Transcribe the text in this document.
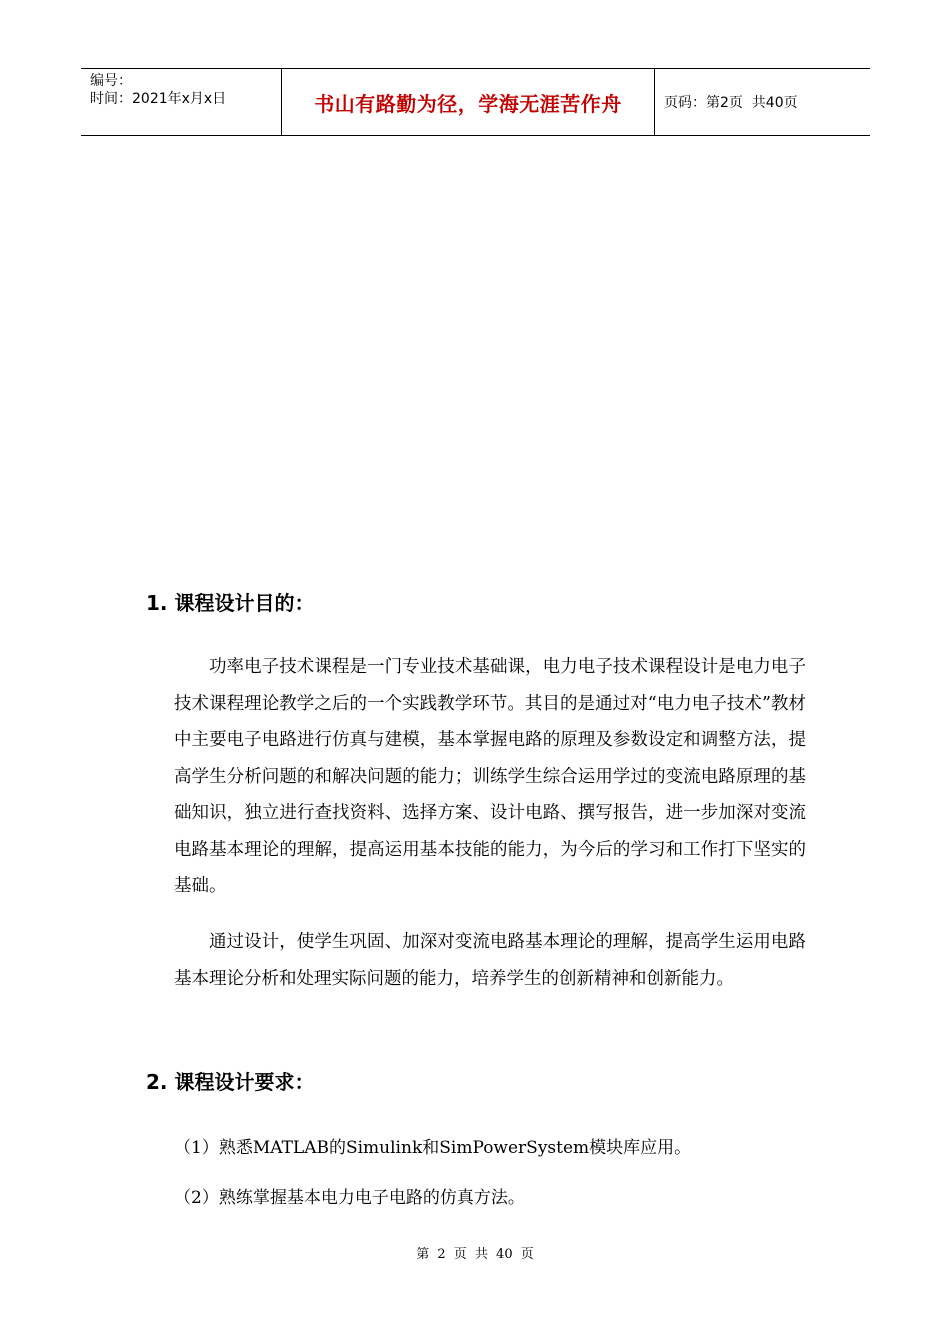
编号：
时间：2021年x月x日	书山有路勤为径，学海无涯苦作舟	页码：第2页  共40页
1. 课程设计目的：

功率电子技术课程是一门专业技术基础课，电力电子技术课程设计是电力电子技术课程理论教学之后的一个实践教学环节。其目的是通过对“电力电子技术”教材中主要电子电路进行仿真与建模，基本掌握电路的原理及参数设定和调整方法，提高学生分析问题的和解决问题的能力；训练学生综合运用学过的变流电路原理的基础知识，独立进行查找资料、选择方案、设计电路、撰写报告，进一步加深对变流电路基本理论的理解，提高运用基本技能的能力，为今后的学习和工作打下坚实的基础。

通过设计，使学生巩固、加深对变流电路基本理论的理解，提高学生运用电路基本理论分析和处理实际问题的能力，培养学生的创新精神和创新能力。

2. 课程设计要求：
（1）熟悉MATLAB的Simulink和SimPowerSystem模块库应用。
（2）熟练掌握基本电力电子电路的仿真方法。
第 2 页 共 40 页
